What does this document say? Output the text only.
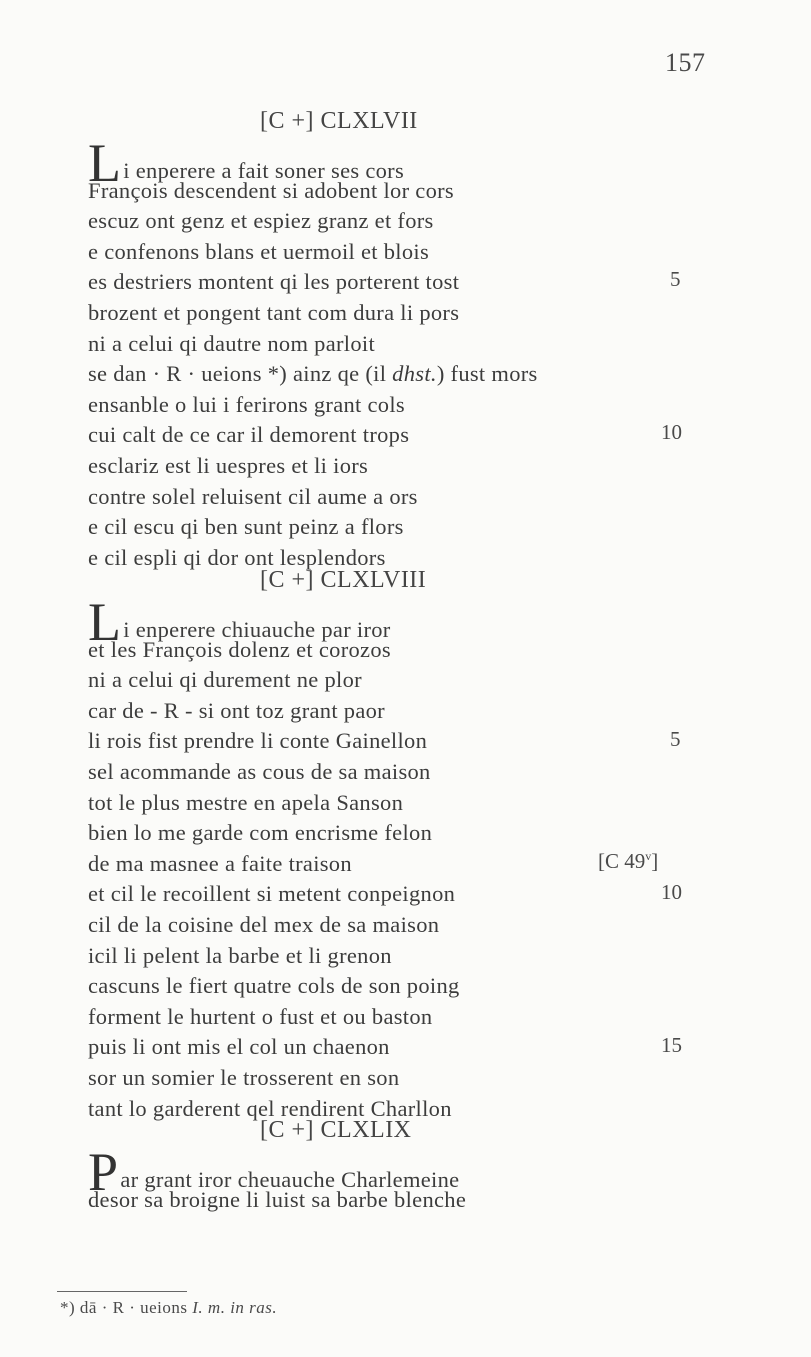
157
[C +] CLXLVII
Li enperere a fait soner ses cors
François descendent si adobent lor cors
escuz ont genz et espiez granz et fors
e confenons blans et uermoil et blois
es destriers montent qi les porterent tost
brozent et pongent tant com dura li pors
ni a celui qi dautre nom parloit
se dan · R · ueions *) ainz qe (il dhst.) fust mors
ensanble o lui i ferirons grant cols
cui calt de ce car il demorent trops
esclariz est li uespres et li iors
contre solel reluisent cil aume a ors
e cil escu qi ben sunt peinz a flors
e cil espli qi dor ont lesplendors
5
10
[C +] CLXLVIII
Li enperere chiuauche par iror
et les François dolenz et corozos
ni a celui qi durement ne plor
car de - R - si ont toz grant paor
li rois fist prendre li conte Gainellon
sel acommande as cous de sa maison
tot le plus mestre en apela Sanson
bien lo me garde com encrisme felon
de ma masnee a faite traison
et cil le recoillent si metent conpeignon
cil de la coisine del mex de sa maison
icil li pelent la barbe et li grenon
cascuns le fiert quatre cols de son poing
forment le hurtent o fust et ou baston
puis li ont mis el col un chaenon
sor un somier le trosserent en son
tant lo garderent qel rendirent Charllon
5
[C 49$^v$]
10
15
[C +] CLXLIX
Par grant iror cheuauche Charlemeine
desor sa broigne li luist sa barbe blenche
*) dā · R · ueions I. m. in ras.
